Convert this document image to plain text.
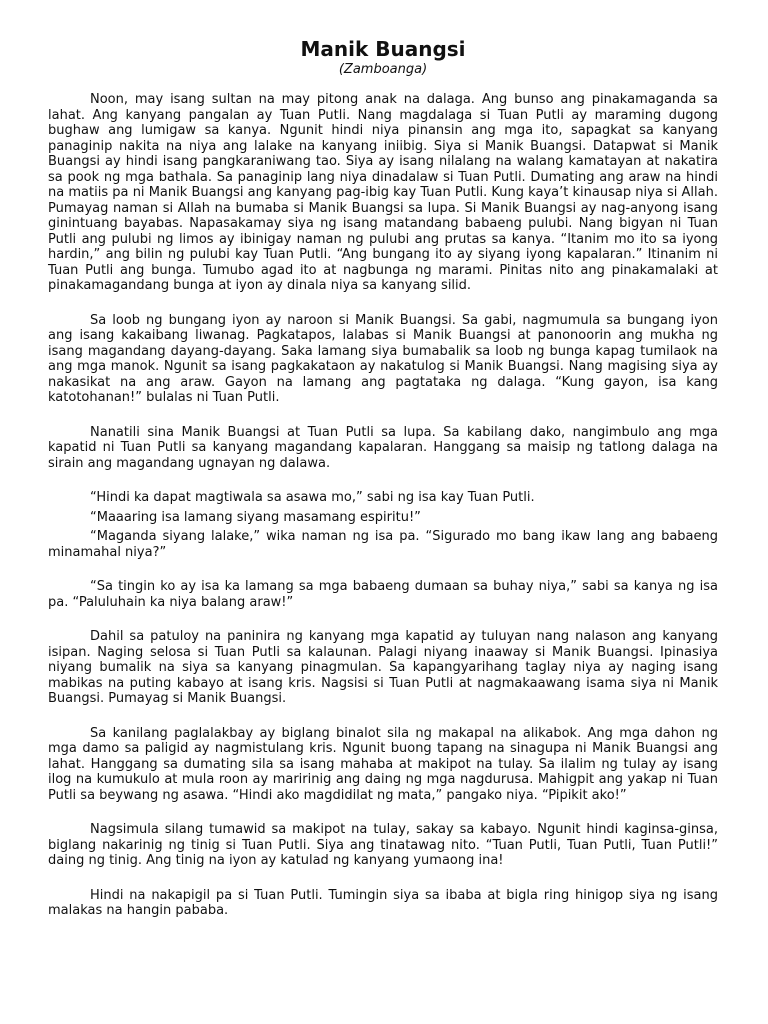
Manik Buangsi

(Zamboanga)

Noon, may isang sultan na may pitong anak na dalaga. Ang bunso ang pinakamaganda sa lahat. Ang kanyang pangalan ay Tuan Putli. Nang magdalaga si Tuan Putli ay maraming dugong bughaw ang lumigaw sa kanya. Ngunit hindi niya pinansin ang mga ito, sapagkat sa kanyang panaginip nakita na niya ang lalake na kanyang iniibig. Siya si Manik Buangsi. Datapwat si Manik Buangsi ay hindi isang pangkaraniwang tao. Siya ay isang nilalang na walang kamatayan at nakatira sa pook ng mga bathala. Sa panaginip lang niya dinadalaw si Tuan Putli. Dumating ang araw na hindi na matiis pa ni Manik Buangsi ang kanyang pag-ibig kay Tuan Putli. Kung kaya’t kinausap niya si Allah. Pumayag naman si Allah na bumaba si Manik Buangsi sa lupa. Si Manik Buangsi ay nag-anyong isang ginintuang bayabas. Napasakamay siya ng isang matandang babaeng pulubi. Nang bigyan ni Tuan Putli ang pulubi ng limos ay ibinigay naman ng pulubi ang prutas sa kanya. “Itanim mo ito sa iyong hardin,” ang bilin ng pulubi kay Tuan Putli. “Ang bungang ito ay siyang iyong kapalaran.” Itinanim ni Tuan Putli ang bunga. Tumubo agad ito at nagbunga ng marami. Pinitas nito ang pinakamalaki at pinakamagandang bunga at iyon ay dinala niya sa kanyang silid.

Sa loob ng bungang iyon ay naroon si Manik Buangsi. Sa gabi, nagmumula sa bungang iyon ang isang kakaibang liwanag. Pagkatapos, lalabas si Manik Buangsi at panonoorin ang mukha ng isang magandang dayang-dayang. Saka lamang siya bumabalik sa loob ng bunga kapag tumilaok na ang mga manok. Ngunit sa isang pagkakataon ay nakatulog si Manik Buangsi. Nang magising siya ay nakasikat na ang araw. Gayon na lamang ang pagtataka ng dalaga. “Kung gayon, isa kang katotohanan!” bulalas ni Tuan Putli.

Nanatili sina Manik Buangsi at Tuan Putli sa lupa. Sa kabilang dako, nangimbulo ang mga kapatid ni Tuan Putli sa kanyang magandang kapalaran. Hanggang sa maisip ng tatlong dalaga na sirain ang magandang ugnayan ng dalawa.

“Hindi ka dapat magtiwala sa asawa mo,” sabi ng isa kay Tuan Putli.

“Maaaring isa lamang siyang masamang espiritu!”

“Maganda siyang lalake,” wika naman ng isa pa. “Sigurado mo bang ikaw lang ang babaeng minamahal niya?”

“Sa tingin ko ay isa ka lamang sa mga babaeng dumaan sa buhay niya,” sabi sa kanya ng isa pa. “Paluluhain ka niya balang araw!”

Dahil sa patuloy na paninira ng kanyang mga kapatid ay tuluyan nang nalason ang kanyang isipan. Naging selosa si Tuan Putli sa kalaunan. Palagi niyang inaaway si Manik Buangsi. Ipinasiya niyang bumalik na siya sa kanyang pinagmulan. Sa kapangyarihang taglay niya ay naging isang mabikas na puting kabayo at isang kris. Nagsisi si Tuan Putli at nagmakaawang isama siya ni Manik Buangsi. Pumayag si Manik Buangsi.

Sa kanilang paglalakbay ay biglang binalot sila ng makapal na alikabok. Ang mga dahon ng mga damo sa paligid ay nagmistulang kris. Ngunit buong tapang na sinagupa ni Manik Buangsi ang lahat. Hanggang sa dumating sila sa isang mahaba at makipot na tulay. Sa ilalim ng tulay ay isang ilog na kumukulo at mula roon ay maririnig ang daing ng mga nagdurusa. Mahigpit ang yakap ni Tuan Putli sa beywang ng asawa. “Hindi ako magdidilat ng mata,” pangako niya. “Pipikit ako!”

Nagsimula silang tumawid sa makipot na tulay, sakay sa kabayo. Ngunit hindi kaginsa-ginsa, biglang nakarinig ng tinig si Tuan Putli. Siya ang tinatawag nito. “Tuan Putli, Tuan Putli, Tuan Putli!” daing ng tinig. Ang tinig na iyon ay katulad ng kanyang yumaong ina!

Hindi na nakapigil pa si Tuan Putli. Tumingin siya sa ibaba at bigla ring hinigop siya ng isang malakas na hangin pababa.
